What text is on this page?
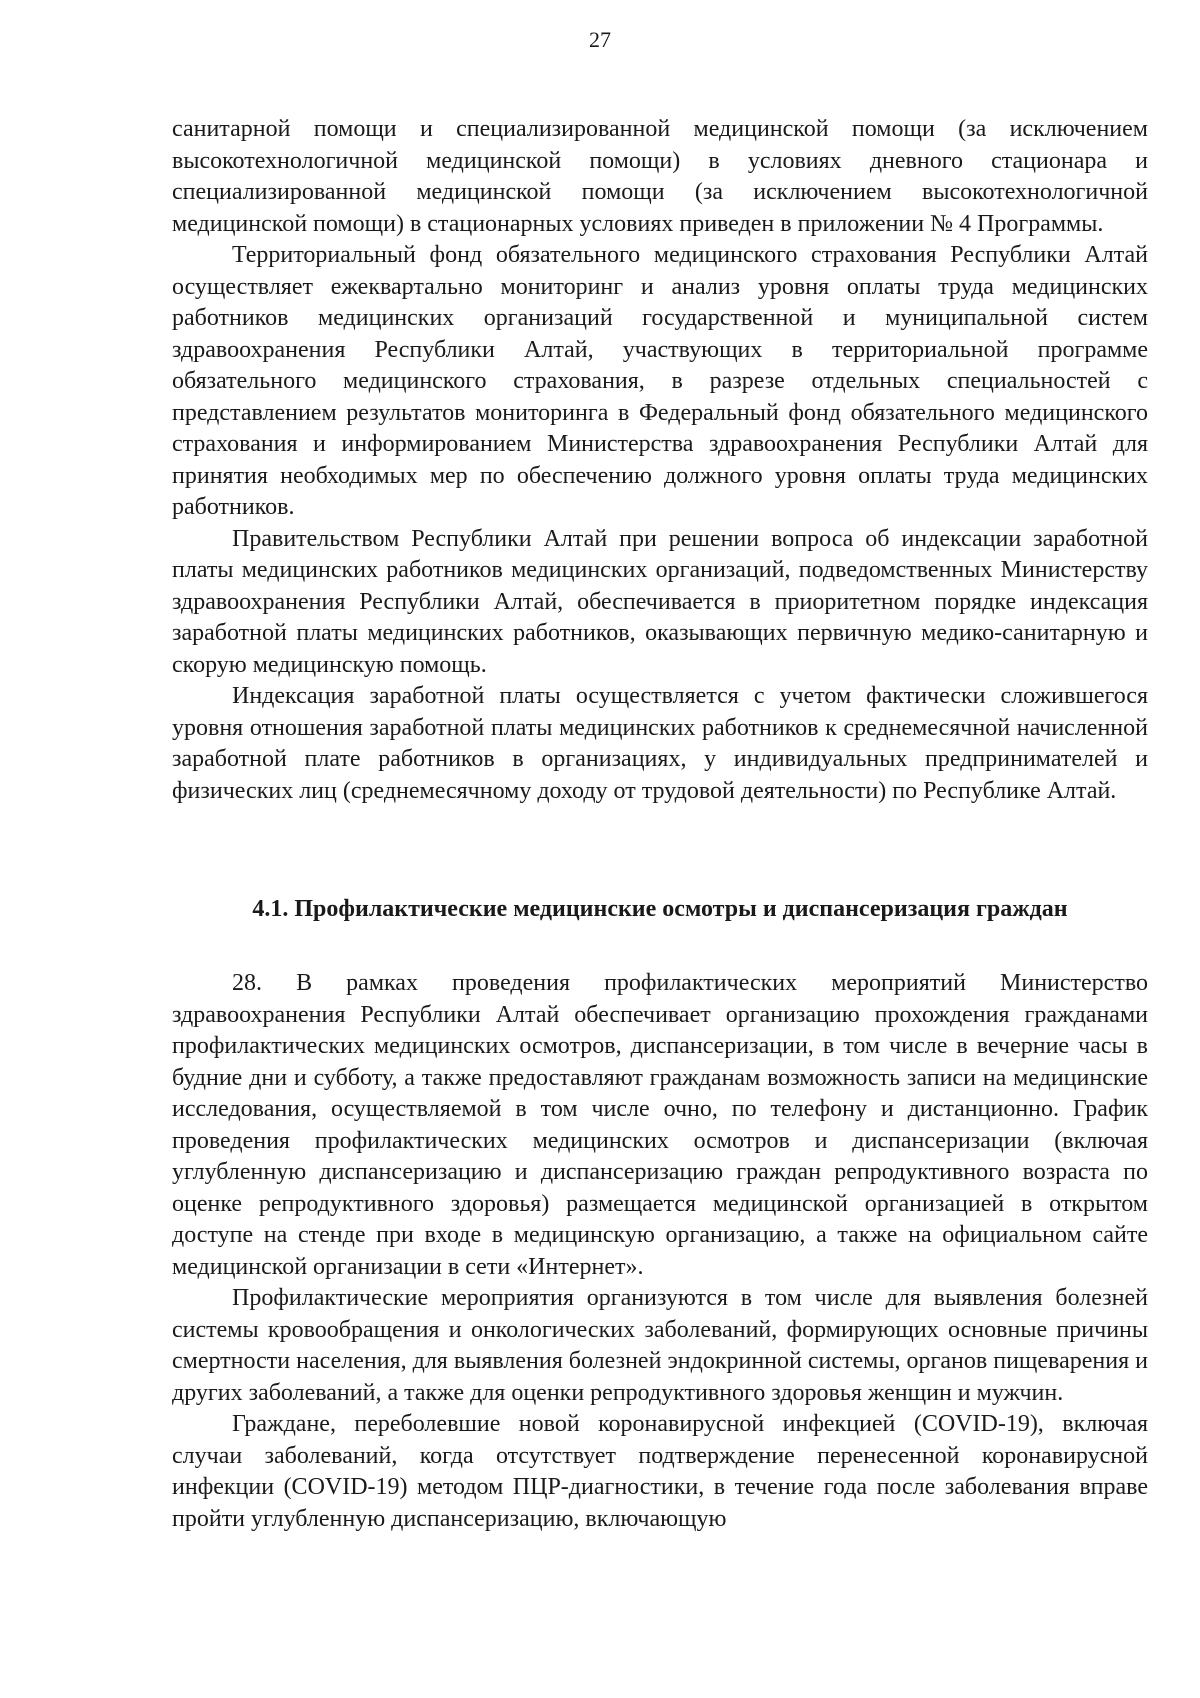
27

санитарной помощи и специализированной медицинской помощи (за исключением высокотехнологичной медицинской помощи) в условиях дневного стационара и специализированной медицинской помощи (за исключением высокотехнологичной медицинской помощи) в стационарных условиях приведен в приложении № 4 Программы.

Территориальный фонд обязательного медицинского страхования Республики Алтай осуществляет ежеквартально мониторинг и анализ уровня оплаты труда медицинских работников медицинских организаций государственной и муниципальной систем здравоохранения Республики Алтай, участвующих в территориальной программе обязательного медицинского страхования, в разрезе отдельных специальностей с представлением результатов мониторинга в Федеральный фонд обязательного медицинского страхования и информированием Министерства здравоохранения Республики Алтай для принятия необходимых мер по обеспечению должного уровня оплаты труда медицинских работников.

Правительством Республики Алтай при решении вопроса об индексации заработной платы медицинских работников медицинских организаций, подведомственных Министерству здравоохранения Республики Алтай, обеспечивается в приоритетном порядке индексация заработной платы медицинских работников, оказывающих первичную медико-санитарную и скорую медицинскую помощь.

Индексация заработной платы осуществляется с учетом фактически сложившегося уровня отношения заработной платы медицинских работников к среднемесячной начисленной заработной плате работников в организациях, у индивидуальных предпринимателей и физических лиц (среднемесячному доходу от трудовой деятельности) по Республике Алтай.

4.1. Профилактические медицинские осмотры и диспансеризация граждан

28. В рамках проведения профилактических мероприятий Министерство здравоохранения Республики Алтай обеспечивает организацию прохождения гражданами профилактических медицинских осмотров, диспансеризации, в том числе в вечерние часы в будние дни и субботу, а также предоставляют гражданам возможность записи на медицинские исследования, осуществляемой в том числе очно, по телефону и дистанционно. График проведения профилактических медицинских осмотров и диспансеризации (включая углубленную диспансеризацию и диспансеризацию граждан репродуктивного возраста по оценке репродуктивного здоровья) размещается медицинской организацией в открытом доступе на стенде при входе в медицинскую организацию, а также на официальном сайте медицинской организации в сети «Интернет».

Профилактические мероприятия организуются в том числе для выявления болезней системы кровообращения и онкологических заболеваний, формирующих основные причины смертности населения, для выявления болезней эндокринной системы, органов пищеварения и других заболеваний, а также для оценки репродуктивного здоровья женщин и мужчин.

Граждане, переболевшие новой коронавирусной инфекцией (COVID-19), включая случаи заболеваний, когда отсутствует подтверждение перенесенной коронавирусной инфекции (COVID-19) методом ПЦР-диагностики, в течение года после заболевания вправе пройти углубленную диспансеризацию, включающую
